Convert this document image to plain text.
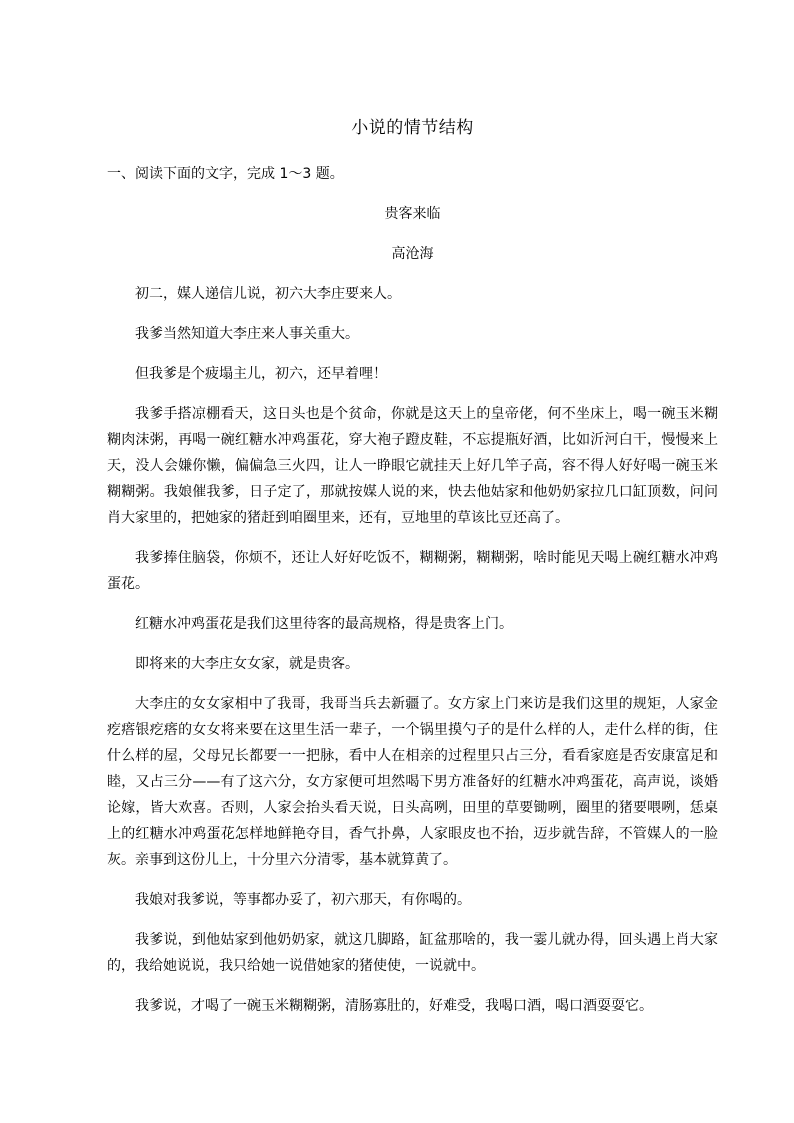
小说的情节结构

一、阅读下面的文字，完成 1～3 题。

贵客来临

高沧海

初二，媒人递信儿说，初六大李庄要来人。

我爹当然知道大李庄来人事关重大。

但我爹是个疲塌主儿，初六，还早着哩！

我爹手搭凉棚看天，这日头也是个贫命，你就是这天上的皇帝佬，何不坐床上，喝一碗玉米糊糊肉沫粥，再喝一碗红糖水冲鸡蛋花，穿大袍子蹬皮鞋，不忘提瓶好酒，比如沂河白干，慢慢来上天，没人会嫌你懒，偏偏急三火四，让人一睁眼它就挂天上好几竿子高，容不得人好好喝一碗玉米糊糊粥。我娘催我爹，日子定了，那就按媒人说的来，快去他姑家和他奶奶家拉几口缸顶数，问问肖大家里的，把她家的猪赶到咱圈里来，还有，豆地里的草该比豆还高了。

我爹捧住脑袋，你烦不，还让人好好吃饭不，糊糊粥，糊糊粥，啥时能见天喝上碗红糖水冲鸡蛋花。

红糖水冲鸡蛋花是我们这里待客的最高规格，得是贵客上门。

即将来的大李庄女女家，就是贵客。

大李庄的女女家相中了我哥，我哥当兵去新疆了。女方家上门来访是我们这里的规矩，人家金疙瘩银疙瘩的女女将来要在这里生活一辈子，一个锅里摸勺子的是什么样的人，走什么样的街，住什么样的屋，父母兄长都要一一把脉，看中人在相亲的过程里只占三分，看看家庭是否安康富足和睦，又占三分——有了这六分，女方家便可坦然喝下男方准备好的红糖水冲鸡蛋花，高声说，谈婚论嫁，皆大欢喜。否则，人家会抬头看天说，日头高咧，田里的草要锄咧，圈里的猪要喂咧，恁桌上的红糖水冲鸡蛋花怎样地鲜艳夺目，香气扑鼻，人家眼皮也不抬，迈步就告辞，不管媒人的一脸灰。亲事到这份儿上，十分里六分清零，基本就算黄了。

我娘对我爹说，等事都办妥了，初六那天，有你喝的。

我爹说，到他姑家到他奶奶家，就这几脚路，缸盆那啥的，我一霎儿就办得，回头遇上肖大家的，我给她说说，我只给她一说借她家的猪使使，一说就中。

我爹说，才喝了一碗玉米糊糊粥，清肠寡肚的，好难受，我喝口酒，喝口酒耍耍它。
